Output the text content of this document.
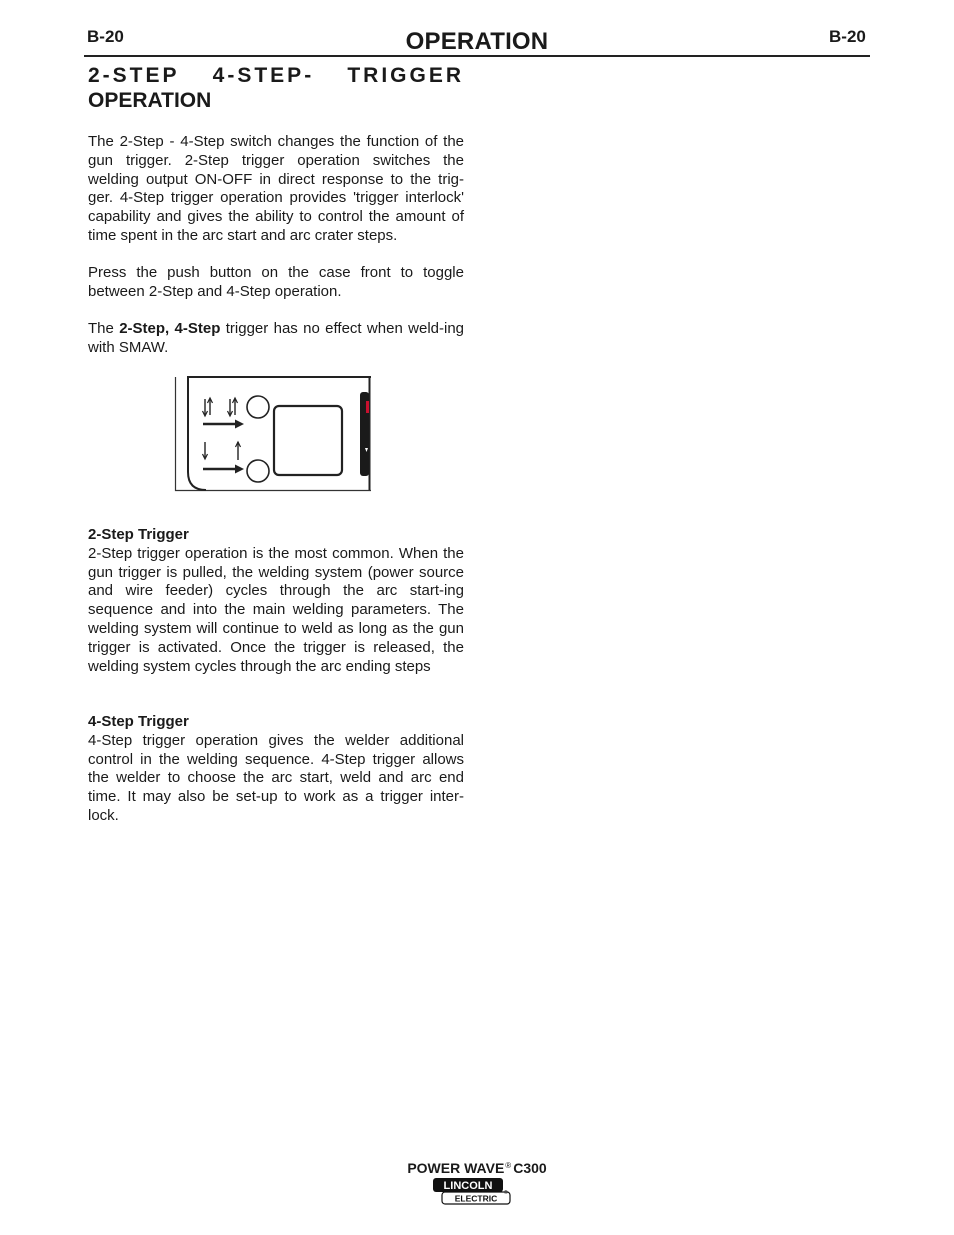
B-20	OPERATION	B-20
2-STEP 4-STEP- TRIGGER
OPERATION

The 2-Step - 4-Step switch changes the function of the gun trigger. 2-Step trigger operation switches the welding output ON-OFF in direct response to the trig-ger. 4-Step trigger operation provides 'trigger interlock' capability and gives the ability to control the amount of time spent in the arc start and arc crater steps.

Press the push button on the case front to toggle between 2-Step and 4-Step operation.

The 2-Step, 4-Step trigger has no effect when weld-ing with SMAW.

2-Step Trigger
2-Step trigger operation is the most common. When the gun trigger is pulled, the welding system (power source and wire feeder) cycles through the arc start-ing sequence and into the main welding parameters. The welding system will continue to weld as long as the gun trigger is activated. Once the trigger is released, the welding system cycles through the arc ending steps

4-Step Trigger
4-Step trigger operation gives the welder additional control in the welding sequence. 4-Step trigger allows the welder to choose the arc start, weld and arc end time. It may also be set-up to work as a trigger inter-lock.

POWER WAVE® C300
LINCOLN
ELECTRIC
®
